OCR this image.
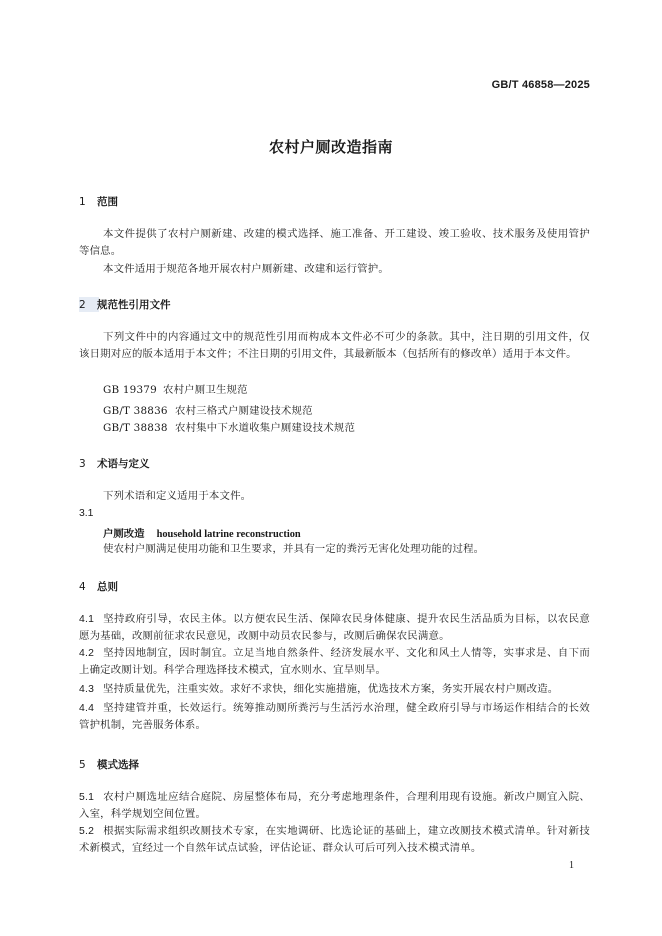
GB/T 46858—2025
农村户厕改造指南
1 范围
本文件提供了农村户厕新建、改建的模式选择、施工准备、开工建设、竣工验收、技术服务及使用管护等信息。
本文件适用于规范各地开展农村户厕新建、改建和运行管护。
2 规范性引用文件
下列文件中的内容通过文中的规范性引用而构成本文件必不可少的条款。其中，注日期的引用文件，仅该日期对应的版本适用于本文件；不注日期的引用文件，其最新版本（包括所有的修改单）适用于本文件。
GB 19379 农村户厕卫生规范
GB/T 38836 农村三格式户厕建设技术规范
GB/T 38838 农村集中下水道收集户厕建设技术规范
3 术语与定义
下列术语和定义适用于本文件。
3.1
户厕改造 household latrine reconstruction
使农村户厕满足使用功能和卫生要求，并具有一定的粪污无害化处理功能的过程。
4 总则
4.1 坚持政府引导，农民主体。以方便农民生活、保障农民身体健康、提升农民生活品质为目标，以农民意愿为基础，改厕前征求农民意见，改厕中动员农民参与，改厕后确保农民满意。
4.2 坚持因地制宜，因时制宜。立足当地自然条件、经济发展水平、文化和风土人情等，实事求是、自下而上确定改厕计划。科学合理选择技术模式，宜水则水、宜旱则旱。
4.3 坚持质量优先，注重实效。求好不求快，细化实施措施，优选技术方案，务实开展农村户厕改造。
4.4 坚持建管并重，长效运行。统筹推动厕所粪污与生活污水治理，健全政府引导与市场运作相结合的长效管护机制，完善服务体系。
5 模式选择
5.1 农村户厕选址应结合庭院、房屋整体布局，充分考虑地理条件，合理利用现有设施。新改户厕宜入院、入室，科学规划空间位置。
5.2 根据实际需求组织改厕技术专家，在实地调研、比选论证的基础上，建立改厕技术模式清单。针对新技术新模式，宜经过一个自然年试点试验，评估论证、群众认可后可列入技术模式清单。
1
